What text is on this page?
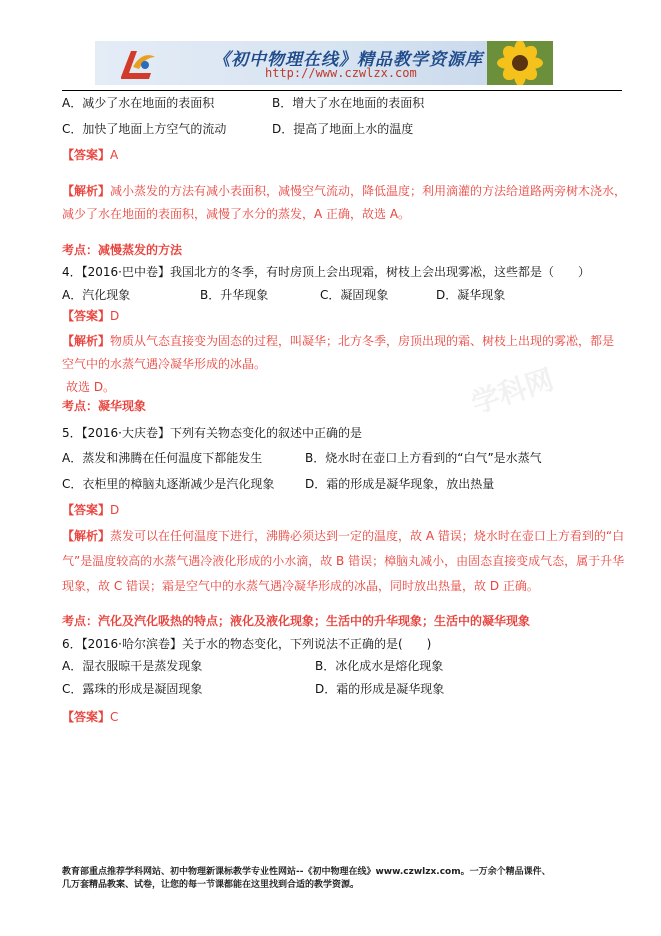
《初中物理在线》精品教学资源库
http://www.czwlzx.com
学科网
A．减少了水在地面的表面积	B．增大了水在地面的表面积
C．加快了地面上方空气的流动	D．提高了地面上水的温度
【答案】A
【解析】减小蒸发的方法有减小表面积，减慢空气流动，降低温度；利用滴灌的方法给道路两旁树木浇水，
减少了水在地面的表面积，减慢了水分的蒸发，A 正确，故选 A。
考点：减慢蒸发的方法
4．【2016·巴中卷】我国北方的冬季，有时房顶上会出现霜，树枝上会出现雾凇，这些都是（　　）
A．汽化现象	B．升华现象	C．凝固现象	D．凝华现象
【答案】D
【解析】物质从气态直接变为固态的过程，叫凝华；北方冬季，房顶出现的霜、树枝上出现的雾凇，都是
空气中的水蒸气遇冷凝华形成的冰晶。
故选 D。
考点：凝华现象
5．【2016·大庆卷】下列有关物态变化的叙述中正确的是
A．蒸发和沸腾在任何温度下都能发生	B．烧水时在壶口上方看到的“白气”是水蒸气
C．衣柜里的樟脑丸逐渐减少是汽化现象	D．霜的形成是凝华现象，放出热量
【答案】D
【解析】蒸发可以在任何温度下进行，沸腾必须达到一定的温度，故 A 错误；烧水时在壶口上方看到的“白
气”是温度较高的水蒸气遇冷液化形成的小水滴，故 B 错误；樟脑丸减小，由固态直接变成气态，属于升华
现象，故 C 错误；霜是空气中的水蒸气遇冷凝华形成的冰晶，同时放出热量，故 D 正确。
考点：汽化及汽化吸热的特点；液化及液化现象；生活中的升华现象；生活中的凝华现象
6．【2016·哈尔滨卷】关于水的物态变化，下列说法不正确的是(　　)
A．湿衣服晾干是蒸发现象	B．冰化成水是熔化现象
C．露珠的形成是凝固现象	D．霜的形成是凝华现象
【答案】C
教育部重点推荐学科网站、初中物理新课标教学专业性网站--《初中物理在线》www.czwlzx.com。一万余个精品课件、
几万套精品教案、试卷，让您的每一节课都能在这里找到合适的教学资源。
